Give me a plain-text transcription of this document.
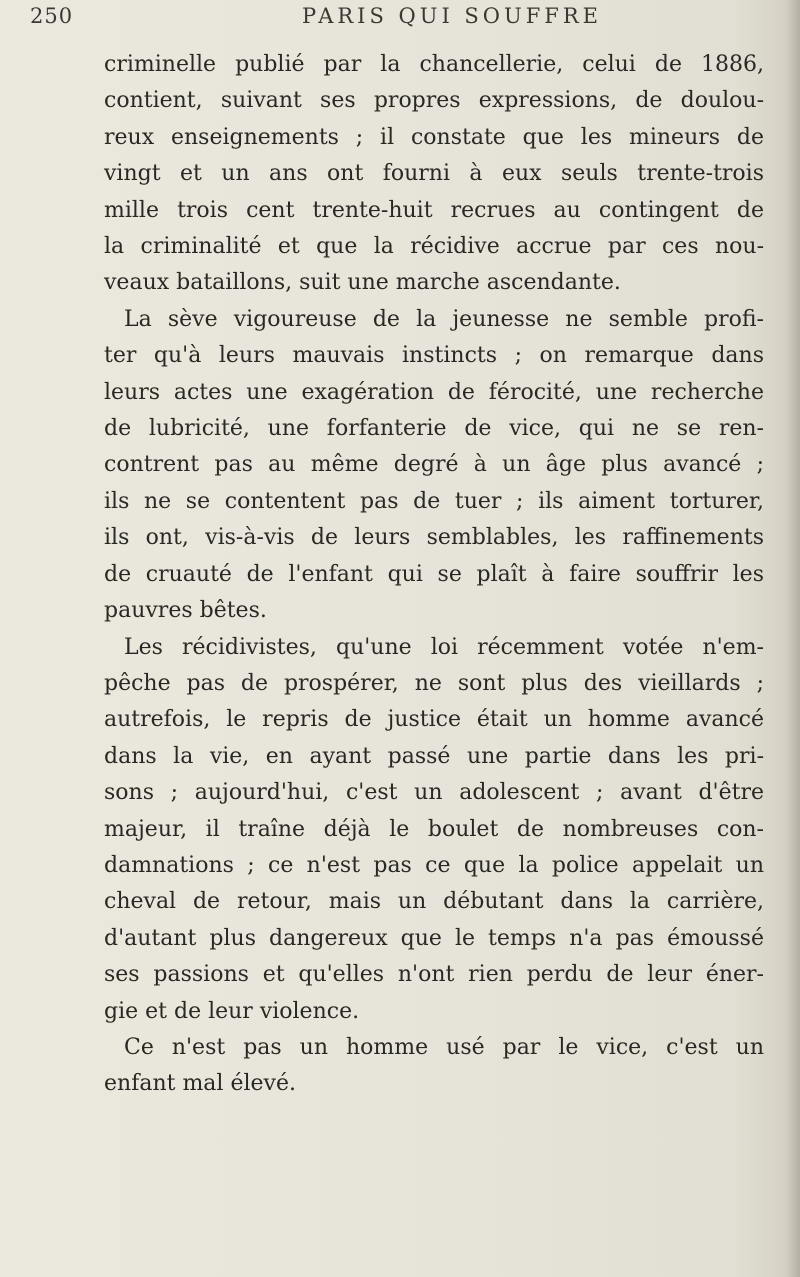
250	PARIS QUI SOUFFRE
criminelle publié par la chancellerie, celui de 1886,
contient, suivant ses propres expressions, de doulou-
reux enseignements ; il constate que les mineurs de
vingt et un ans ont fourni à eux seuls trente-trois
mille trois cent trente-huit recrues au contingent de
la criminalité et que la récidive accrue par ces nou-
veaux bataillons, suit une marche ascendante.
La sève vigoureuse de la jeunesse ne semble profi-
ter qu'à leurs mauvais instincts ; on remarque dans
leurs actes une exagération de férocité, une recherche
de lubricité, une forfanterie de vice, qui ne se ren-
contrent pas au même degré à un âge plus avancé ;
ils ne se contentent pas de tuer ; ils aiment torturer,
ils ont, vis-à-vis de leurs semblables, les raffinements
de cruauté de l'enfant qui se plaît à faire souffrir les
pauvres bêtes.
Les récidivistes, qu'une loi récemment votée n'em-
pêche pas de prospérer, ne sont plus des vieillards ;
autrefois, le repris de justice était un homme avancé
dans la vie, en ayant passé une partie dans les pri-
sons ; aujourd'hui, c'est un adolescent ; avant d'être
majeur, il traîne déjà le boulet de nombreuses con-
damnations ; ce n'est pas ce que la police appelait un
cheval de retour, mais un débutant dans la carrière,
d'autant plus dangereux que le temps n'a pas émoussé
ses passions et qu'elles n'ont rien perdu de leur éner-
gie et de leur violence.
Ce n'est pas un homme usé par le vice, c'est un
enfant mal élevé.
